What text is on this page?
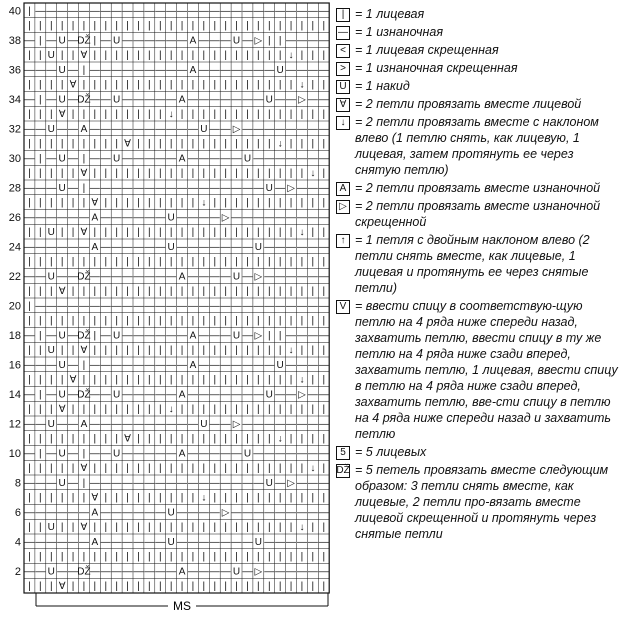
| — — — — — — — — — — — — — — — — — — — — — — — — — — —
| | | | | | | | | | | | | | | | | | | | | | | | | | | |
— | — U — Ǆ | — U — — — — — — A — — — U — ▷ | | — — — —
| | U | | ∀ | | | | | | | | | | | | | | | | | | ↓ | | |
— — — U — | — — — — — — — — — A — — — — — — — U — — — —
| | | | ∀ | | | | | | | | | | | | | | | | | | | | ↓ | |
— | — U — Ǆ — — U — — — — — A — — — — — — — U — — ▷ — —
| | | ∀ | | | | | | | | | ↓ | | | | | | | | | | | | | |
— — U — — A — — — — — — — — — — U — — ▷ — — — — — — — —
| | | | | | | | | ∀ | | | | | | | | | | | | | ↓ | | | |
— | — U — | — — U — — — — — A — — — — — U — — — — — — —
| | | | | ∀ | | | | | | | | | | | | | | | | | | | | ↓ |
— — — U — | — — — — — — — — — — — — — — — — U — ▷ — — —
| | | | | | ∀ | | | | | | | | | ↓ | | | | | | | | | | |
— — — — — — A — — — — — — U — — — — ▷ — — — — — — — — —
| | U | | ∀ | | | | | | | | | | | | | | | | | | | ↓ | |
— — — — — — A — — — — — — U — — — — — — — U — — — — — —
| | | | | | | | | | | | | | | | | | | | | | | | | | | |
— — U — — Ǆ — — — — — — — — A — — — — U — ▷ — — — — — —
| | | ∀ | | | | | | | | | | | | | | | | | | | | | | | |
| — — — — — — — — — — — — — — — — — — — — — — — — — — —
| | | | | | | | | | | | | | | | | | | | | | | | | | | |
— | — U — Ǆ | — U — — — — — — A — — — U — ▷ | | — — — —
| | U | | ∀ | | | | | | | | | | | | | | | | | | ↓ | | |
— — — U — | — — — — — — — — — A — — — — — — — U — — — —
| | | | ∀ | | | | | | | | | | | | | | | | | | | | ↓ | |
— | — U — Ǆ — — U — — — — — A — — — — — — — U — — ▷ — —
| | | ∀ | | | | | | | | | ↓ | | | | | | | | | | | | | |
— — U — — A — — — — — — — — — — U — — ▷ — — — — — — — —
| | | | | | | | | ∀ | | | | | | | | | | | | | ↓ | | | |
— | — U — | — — U — — — — — A — — — — — U — — — — — — —
| | | | | ∀ | | | | | | | | | | | | | | | | | | | | ↓ |
— — — U — | — — — — — — — — — — — — — — — — U — ▷ — — —
| | | | | | ∀ | | | | | | | | | ↓ | | | | | | | | | | |
— — — — — — A — — — — — — U — — — — ▷ — — — — — — — — —
| | U | | ∀ | | | | | | | | | | | | | | | | | | | ↓ | |
— — — — — — A — — — — — — U — — — — — — — U — — — — — —
| | | | | | | | | | | | | | | | | | | | | | | | | | | |
— — U — — Ǆ — — — — — — — — A — — — — U — ▷ — — — — — —
| | | ∀ | | | | | | | | | | | | | | | | | | | | | | | |
40
38
36
34
32
30
28
26
24
22
20
18
16
14
12
10
8
6
4
2
MS
| = 1 лицевая
— = 1 изнаночная
< = 1 лицевая скрещенная
> = 1 изнаночная скрещенная
U = 1 накид
∀ = 2 петли провязать вместе лицевой
↓ = 2 петли провязать вместе с наклоном влево (1 петлю снять, как лицевую, 1 лицевая, затем протянуть ее через снятую петлю)
A = 2 петли провязать вместе изнаночной
▷ = 2 петли провязать вместе изнаночной скрещенной
↑ = 1 петля с двойным наклоном влево (2 петли снять вместе, как лицевые, 1 лицевая и протянуть ее через снятые петли)
V = ввести спицу в соответствую-щую петлю на 4 ряда ниже спереди назад, захватить петлю, ввести спицу в ту же петлю на 4 ряда ниже сзади вперед, захватить петлю, 1 лицевая, ввести спицу в петлю на 4 ряда ниже сзади вперед, захватить петлю, вве-сти спицу в петлю на 4 ряда ниже спереди назад и захватить петлю
5 = 5 лицевых
Ǆ = 5 петель провязать вместе следующим образом: 3 петли снять вместе, как лицевые, 2 петли про-вязать вместе лицевой скрещенной и протянуть через снятые петли
